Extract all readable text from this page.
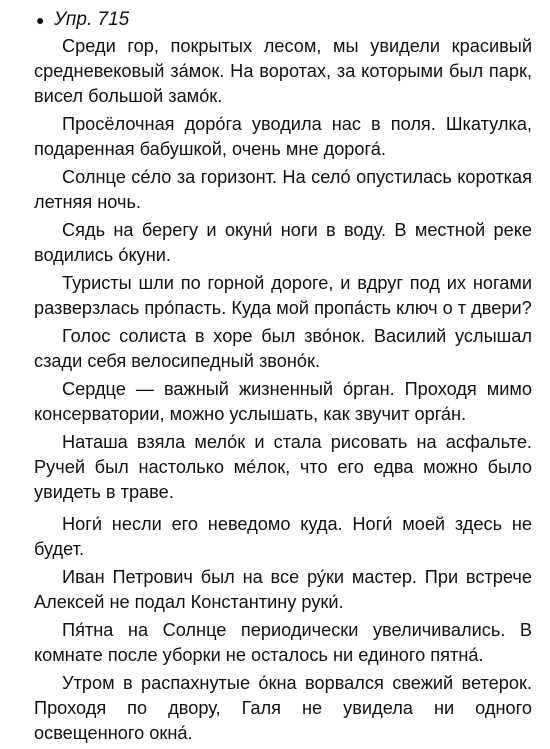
● Упр. 715

Среди гор, покрытых лесом, мы увидели красивый средневековый за́мок. На воротах, за которыми был парк, висел большой замо́к.

Просёлочная доро́га уводила нас в поля. Шкатулка, подаренная бабушкой, очень мне дорога́.

Солнце се́ло за горизонт. На село́ опустилась короткая летняя ночь.

Сядь на берегу и окуни́ ноги в воду. В местной реке водились о́куни.

Туристы шли по горной дороге, и вдруг под их ногами разверзлась про́пасть. Куда мой пропа́сть ключ о т двери?

Голос солиста в хоре был зво́нок. Василий услышал сзади себя велосипедный звоно́к.

Сердце — важный жизненный о́рган. Проходя мимо консерватории, можно услышать, как звучит орга́н.

Наташа взяла мело́к и стала рисовать на асфальте. Ручей был настолько ме́лок, что его едва можно было увидеть в траве.

Ноги́ несли его неведомо куда. Ноги́ моей здесь не будет.

Иван Петрович был на все ру́ки мастер. При встрече Алексей не подал Константину руки́.

Пя́тна на Солнце периодически увеличивались. В комнате после уборки не осталось ни единого пятна́.

Утром в распахнутые о́кна ворвался свежий ветерок. Проходя по двору, Галя не увидела ни одного освещенного окна́.
